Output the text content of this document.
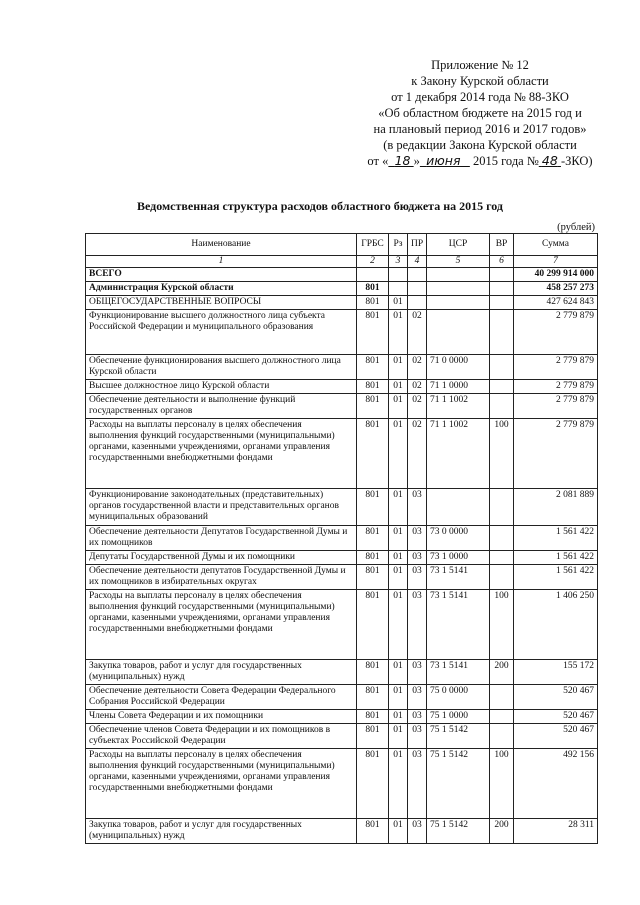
Приложение № 12
к Закону Курской области
от 1 декабря 2014 года № 88-ЗКО
«Об областном бюджете на 2015 год и
на плановый период 2016 и 2017 годов»
(в редакции Закона Курской области
от « 18 » июня 2015 года № 48 -ЗКО)
Ведомственная структура расходов областного бюджета на 2015 год
(рублей)
Наименование	ГРБС	Рз	ПР	ЦСР	ВР	Сумма
1	2	3	4	5	6	7
ВСЕГО						40 299 914 000
Администрация Курской области	801					458 257 273
ОБЩЕГОСУДАРСТВЕННЫЕ ВОПРОСЫ	801	01				427 624 843
Функционирование высшего должностного лица субъекта Российской Федерации и муниципального образования	801	01	02			2 779 879
Обеспечение функционирования высшего должностного лица Курской области	801	01	02	71 0 0000		2 779 879
Высшее должностное лицо Курской области	801	01	02	71 1 0000		2 779 879
Обеспечение деятельности и выполнение функций государственных органов	801	01	02	71 1 1002		2 779 879
Расходы на выплаты персоналу в целях обеспечения выполнения функций государственными (муниципальными) органами, казенными учреждениями, органами управления государственными внебюджетными фондами	801	01	02	71 1 1002	100	2 779 879
Функционирование законодательных (представительных) органов государственной власти и представительных органов муниципальных образований	801	01	03			2 081 889
Обеспечение деятельности Депутатов Государственной Думы и их помощников	801	01	03	73 0 0000		1 561 422
Депутаты Государственной Думы и их помощники	801	01	03	73 1 0000		1 561 422
Обеспечение деятельности депутатов Государственной Думы и их помощников в избирательных округах	801	01	03	73 1 5141		1 561 422
Расходы на выплаты персоналу в целях обеспечения выполнения функций государственными (муниципальными) органами, казенными учреждениями, органами управления государственными внебюджетными фондами	801	01	03	73 1 5141	100	1 406 250
Закупка товаров, работ и услуг для государственных (муниципальных) нужд	801	01	03	73 1 5141	200	155 172
Обеспечение деятельности Совета Федерации Федерального Собрания Российской Федерации	801	01	03	75 0 0000		520 467
Члены Совета Федерации и их помощники	801	01	03	75 1 0000		520 467
Обеспечение членов Совета Федерации и их помощников в субъектах Российской Федерации	801	01	03	75 1 5142		520 467
Расходы на выплаты персоналу в целях обеспечения выполнения функций государственными (муниципальными) органами, казенными учреждениями, органами управления государственными внебюджетными фондами	801	01	03	75 1 5142	100	492 156
Закупка товаров, работ и услуг для государственных (муниципальных) нужд	801	01	03	75 1 5142	200	28 311
